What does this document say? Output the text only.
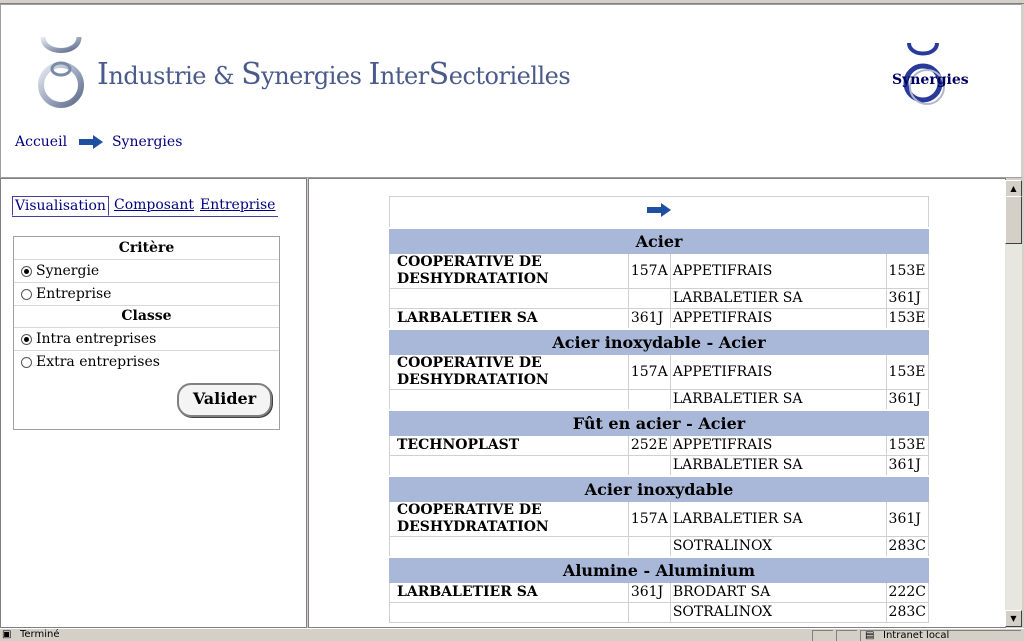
Industrie & Synergies InterSectorielles
Accueil	Synergies
Synergies
Visualisation Composant Entreprise
Critère
Synergie
Entreprise
Classe
Intra entreprises
Extra entreprises
Valider

Acier			
COOPERATIVE DE DESHYDRATATION	157A	APPETIFRAIS	153E
		LARBALETIER SA	361J
LARBALETIER SA	361J	APPETIFRAIS	153E
Acier inoxydable - Acier			
COOPERATIVE DE DESHYDRATATION	157A	APPETIFRAIS	153E
		LARBALETIER SA	361J
Fût en acier - Acier			
TECHNOPLAST	252E	APPETIFRAIS	153E
		LARBALETIER SA	361J
Acier inoxydable			
COOPERATIVE DE DESHYDRATATION	157A	LARBALETIER SA	361J
		SOTRALINOX	283C
Alumine - Aluminium			
LARBALETIER SA	361J	BRODART SA	222C
		SOTRALINOX	283C
▲
▼
▣ Terminé	▤ Intranet local
